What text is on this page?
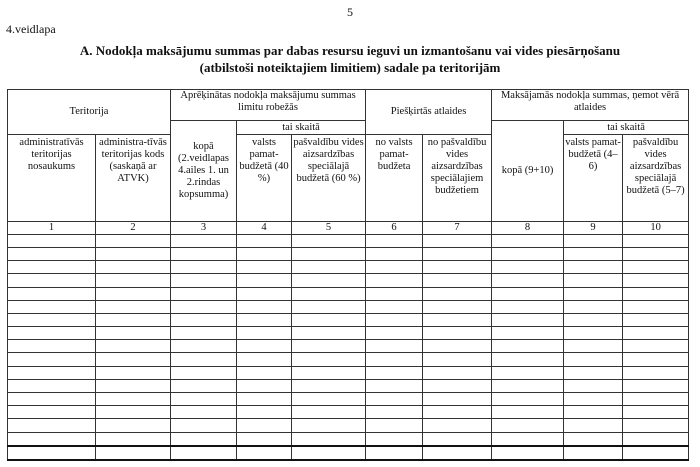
5
4.veidlapa
A. Nodokļa maksājumu summas par dabas resursu ieguvi un izmantošanu vai vides piesārņošanu
(atbilstoši noteiktajiem limitiem) sadale pa teritorijām
Teritorija		Aprēķinātas nodokļa maksājumu summas limitu robežās			Piešķirtās atlaides		Maksājamās nodokļa summas, ņemot vērā atlaides		
		kopā (2.veidlapas 4.ailes 1. un 2.rindas kopsumma)	tai skaitā				kopā (9+10)	tai skaitā	
administratīvās teritorijas nosaukums	administra-tīvās teritorijas kods (saskaņā ar ATVK)		valsts pamat-budžetā (40 %)	pašvaldību vides aizsardzības speciālajā budžetā (60 %)	no valsts pamat-budžeta	no pašvaldību vides aizsardzības speciālajiem budžetiem		valsts pamat-budžetā (4–6)	pašvaldību vides aizsardzības speciālajā budžetā (5–7)
1	2	3	4	5	6	7	8	9	10
